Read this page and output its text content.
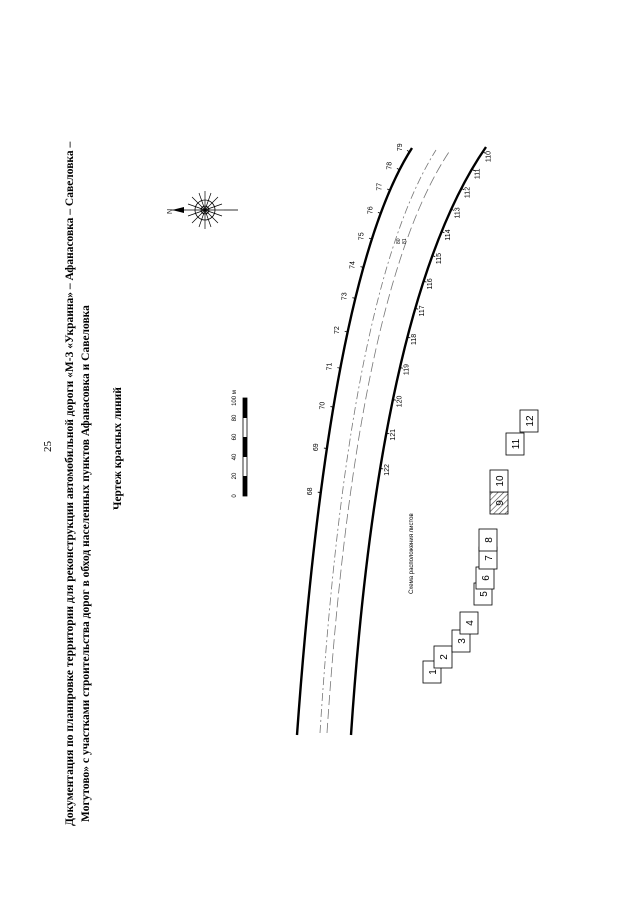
25 Документация по планировке территории для реконструкции автомобильной дороги «М-3 «Украина» – Афанасовка – Савеловка – Могутово» с участками строительства дорог в обход населенных пунктов Афанасовка и Савеловка Чертеж красных линий	68
69
70
71
72
73
74
75
76
77
78
79
122
121
120
119
118
117
116
115
114
113
112
111
110
80 81
N
0
20
40
60
80
100 м
1
2
3
4
5
6
7
8
9
10
11
12
Схема расположения листов
